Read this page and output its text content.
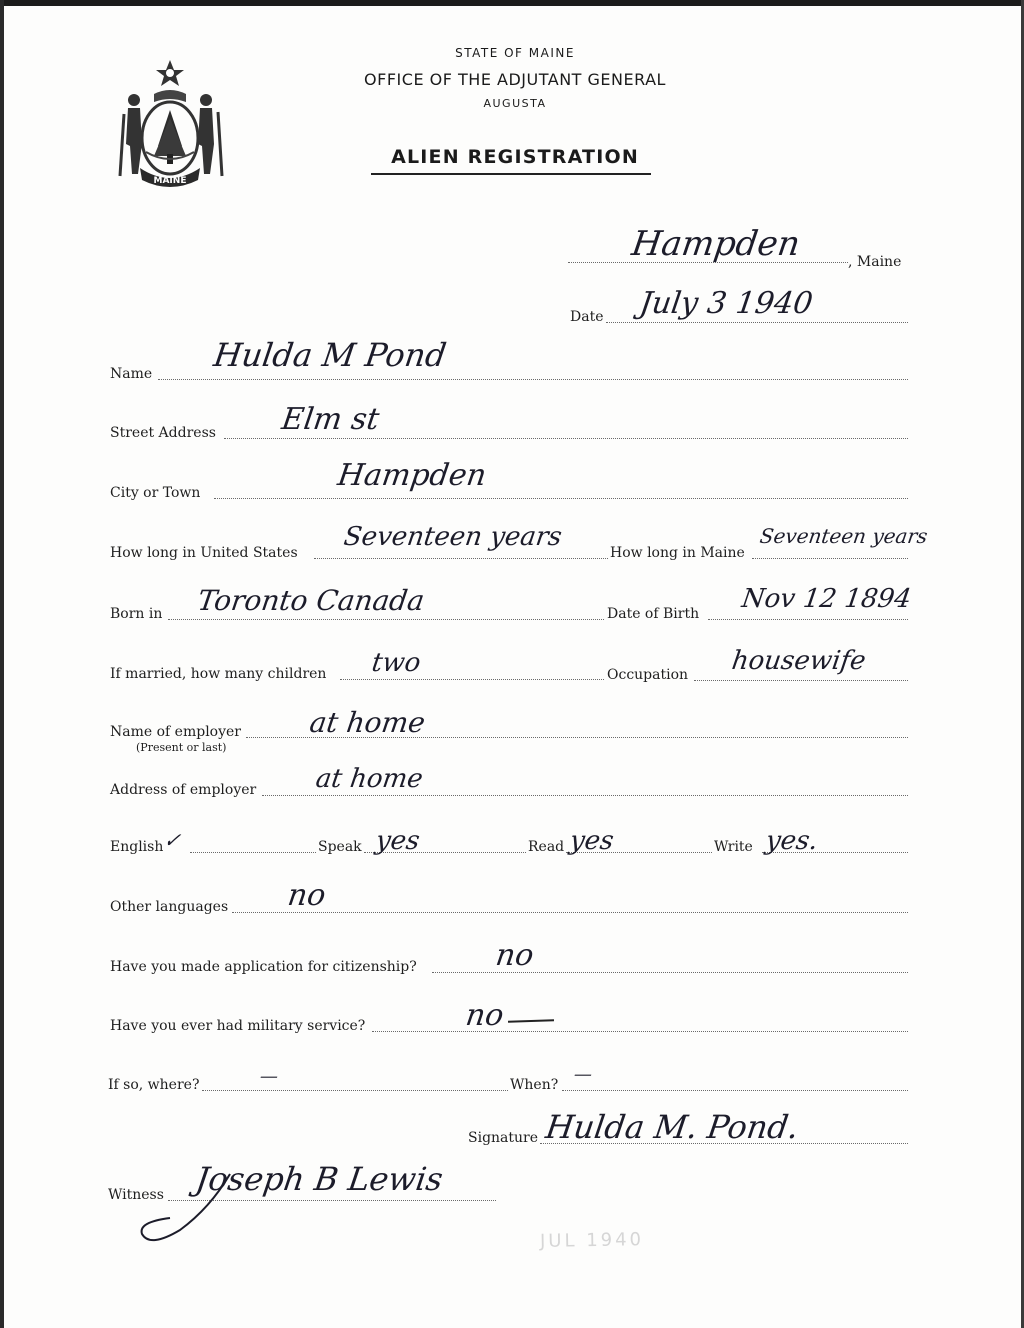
MAINE
STATE OF MAINE
OFFICE OF THE ADJUTANT GENERAL
AUGUSTA
ALIEN REGISTRATION
Hampden	, Maine
Date July 3 1940
Name Hulda M Pond
Street Address Elm st
City or Town	Hampden
How long in United States
Seventeen years
How long in Maine
Seventeen years
Born in Toronto Canada	Date of Birth Nov 12 1894
If married, how many children two	Occupation housewife
Name of employer
(Present or last)
at home
Address of employer at home
English
✓	Speak yes	Read yes	Write yes.
Other languages no
Have you made application for citizenship?	no
Have you ever had military service?	no
If so, where?	—	When? —
Signature Hulda M. Pond.
Witness Joseph B Lewis
JUL 1940
